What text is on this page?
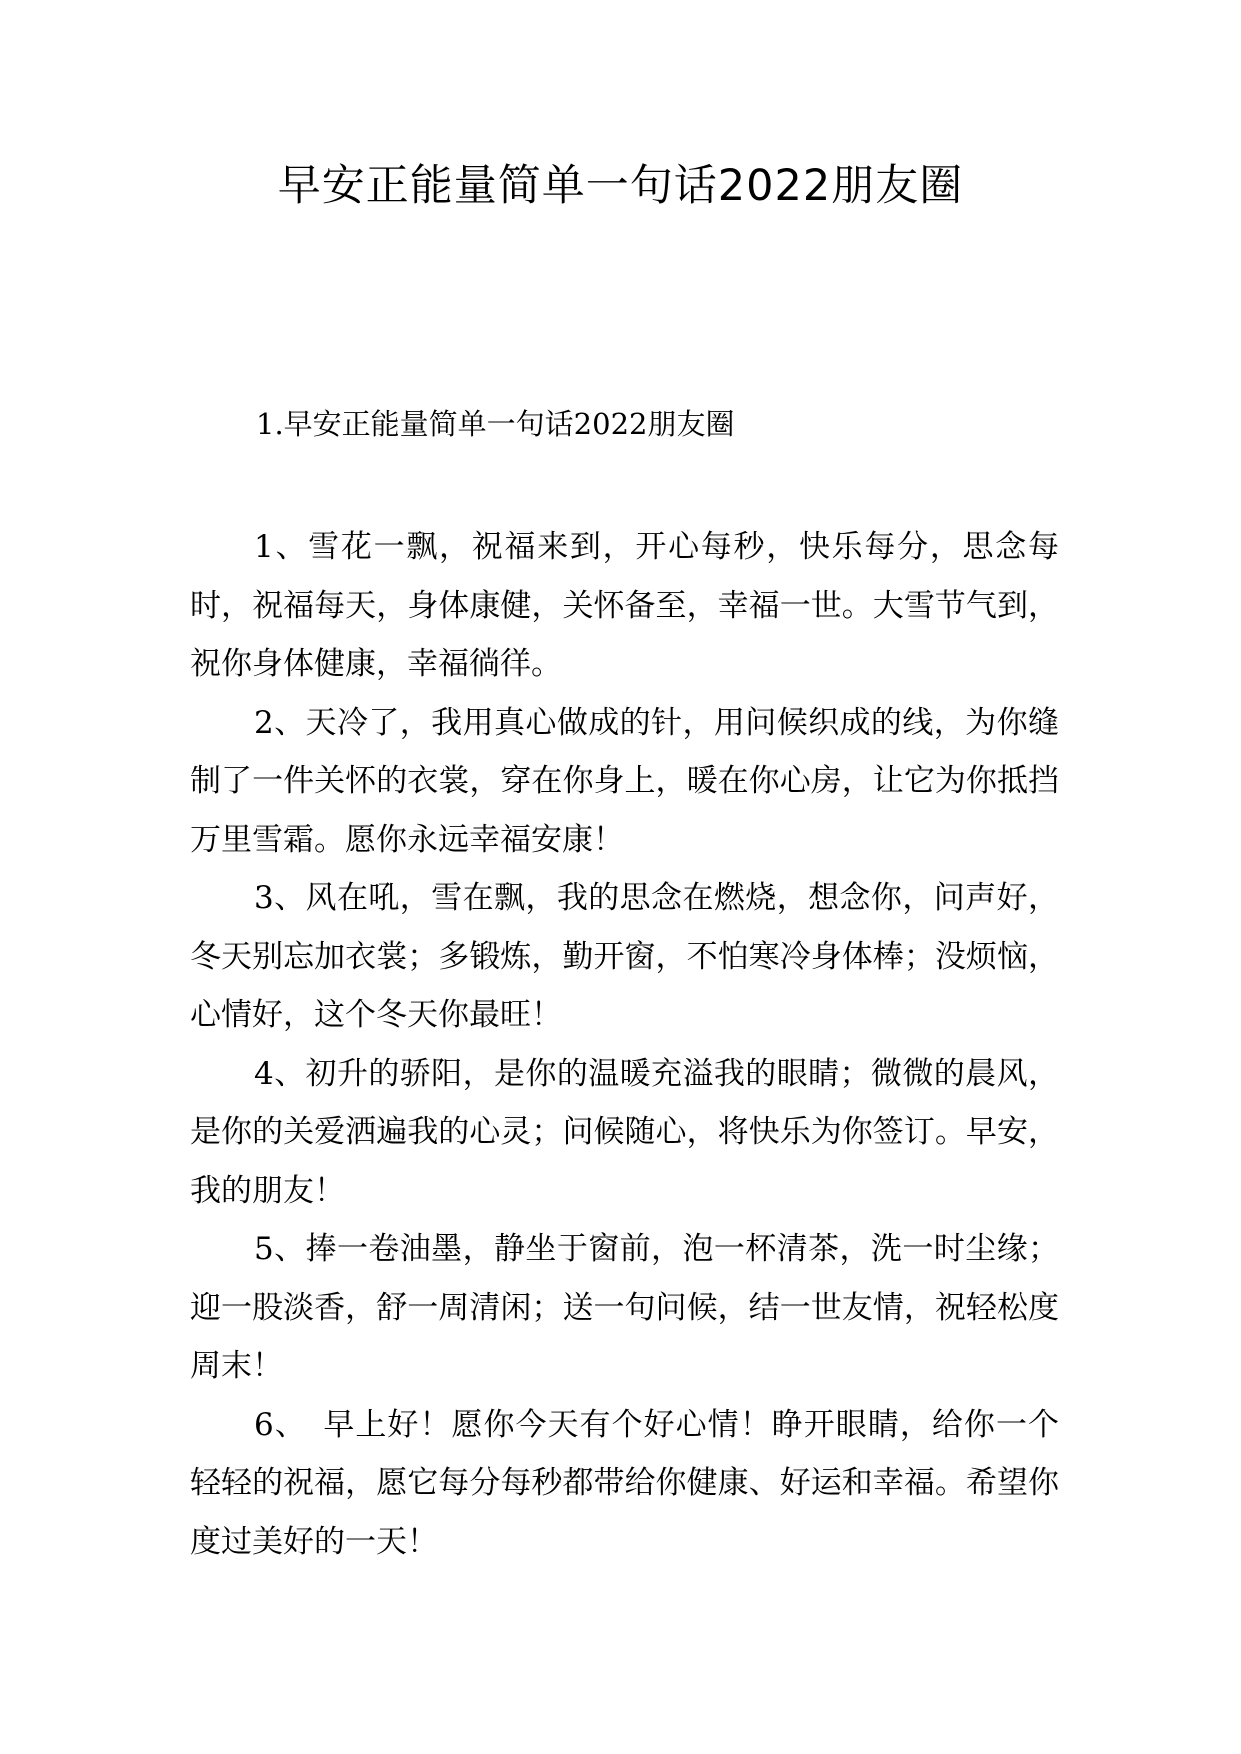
早安正能量简单一句话2022朋友圈
1.早安正能量简单一句话2022朋友圈

1、雪花一飘，祝福来到，开心每秒，快乐每分，思念每时，祝福每天，身体康健，关怀备至，幸福一世。大雪节气到，祝你身体健康，幸福徜徉。

2、天冷了，我用真心做成的针，用问候织成的线，为你缝制了一件关怀的衣裳，穿在你身上，暖在你心房，让它为你抵挡万里雪霜。愿你永远幸福安康！

3、风在吼，雪在飘，我的思念在燃烧，想念你，问声好，冬天别忘加衣裳；多锻炼，勤开窗，不怕寒冷身体棒；没烦恼，心情好，这个冬天你最旺！

4、初升的骄阳，是你的温暖充溢我的眼睛；微微的晨风，是你的关爱洒遍我的心灵；问候随心，将快乐为你签订。早安，我的朋友！

5、捧一卷油墨，静坐于窗前，泡一杯清茶，洗一时尘缘；迎一股淡香，舒一周清闲；送一句问候，结一世友情，祝轻松度周末！

6、　早上好！愿你今天有个好心情！睁开眼睛，给你一个轻轻的祝福，愿它每分每秒都带给你健康、好运和幸福。希望你度过美好的一天！
